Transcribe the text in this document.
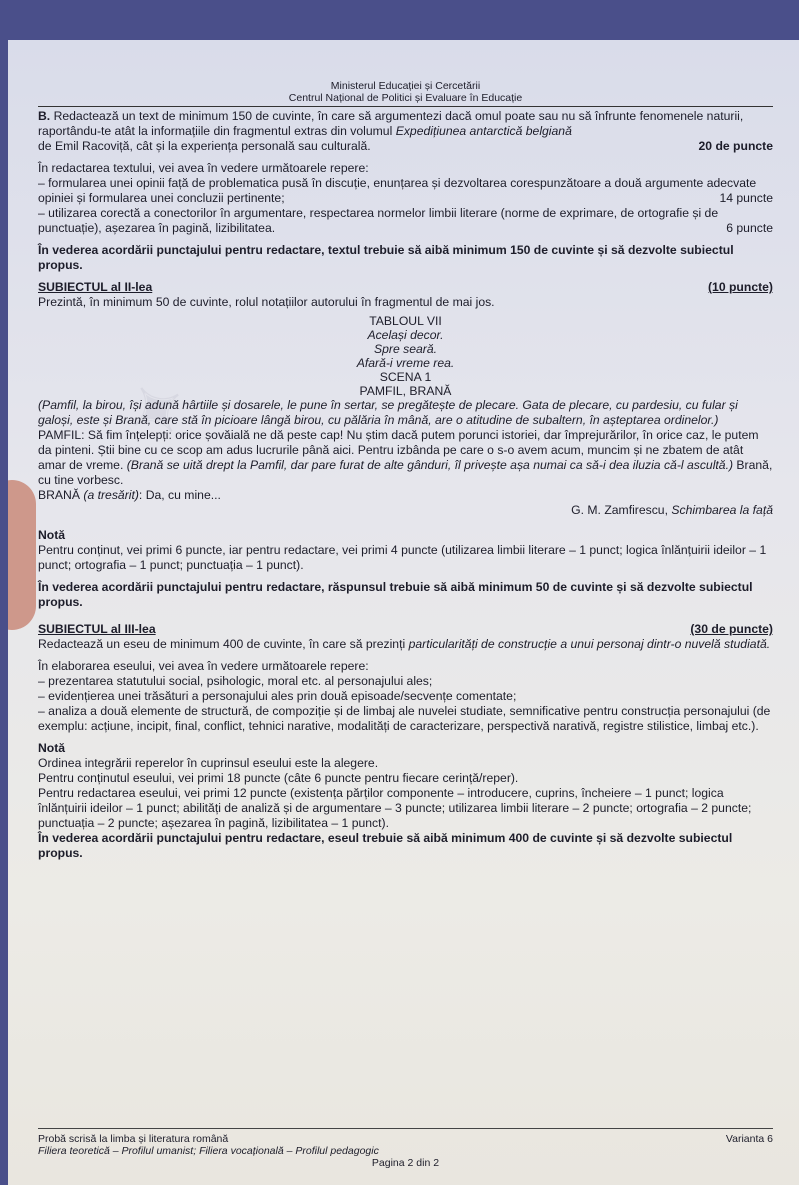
✦
Ministerul Educației și Cercetării
Centrul Național de Politici și Evaluare în Educație

B. Redactează un text de minimum 150 de cuvinte, în care să argumentezi dacă omul poate sau nu să înfrunte fenomenele naturii, raportându-te atât la informațiile din fragmentul extras din volumul Expedițiunea antarctică belgiană

de Emil Racoviță, cât și la experiența personală sau culturală.	20 de puncte

În redactarea textului, vei avea în vedere următoarele repere:

– formularea unei opinii față de problematica pusă în discuție, enunțarea și dezvoltarea corespunzătoare a două argumente adecvate opiniei și formularea unei concluzii pertinente;	14 puncte

– utilizarea corectă a conectorilor în argumentare, respectarea normelor limbii literare (norme de exprimare, de ortografie și de punctuație), așezarea în pagină, lizibilitatea.	6 puncte

În vederea acordării punctajului pentru redactare, textul trebuie să aibă minimum 150 de cuvinte și să dezvolte subiectul propus.

SUBIECTUL al II-lea	(10 puncte)

Prezintă, în minimum 50 de cuvinte, rolul notațiilor autorului în fragmentul de mai jos.

TABLOUL VII
Același decor.
Spre seară.
Afară-i vreme rea.
SCENA 1
PAMFIL, BRANĂ

(Pamfil, la birou, își adună hârtiile și dosarele, le pune în sertar, se pregătește de plecare. Gata de plecare, cu pardesiu, cu fular și galoși, este și Brană, care stă în picioare lângă birou, cu pălăria în mână, are o atitudine de subaltern, în așteptarea ordinelor.)

PAMFIL: Să fim înțelepți: orice șovăială ne dă peste cap! Nu știm dacă putem porunci istoriei, dar împrejurărilor, în orice caz, le putem da pinteni. Știi bine cu ce scop am adus lucrurile până aici. Pentru izbânda pe care o s-o avem acum, muncim și ne zbatem de atât amar de vreme. (Brană se uită drept la Pamfil, dar pare furat de alte gânduri, îl privește așa numai ca să-i dea iluzia că-l ascultă.) Brană, cu tine vorbesc.

BRANĂ (a tresărit): Da, cu mine...

G. M. Zamfirescu, Schimbarea la față

Notă

Pentru conținut, vei primi 6 puncte, iar pentru redactare, vei primi 4 puncte (utilizarea limbii literare – 1 punct; logica înlănțuirii ideilor – 1 punct; ortografia – 1 punct; punctuația – 1 punct).

În vederea acordării punctajului pentru redactare, răspunsul trebuie să aibă minimum 50 de cuvinte și să dezvolte subiectul propus.

SUBIECTUL al III-lea	(30 de puncte)

Redactează un eseu de minimum 400 de cuvinte, în care să prezinți particularități de construcție a unui personaj dintr-o nuvelă studiată.

În elaborarea eseului, vei avea în vedere următoarele repere:

– prezentarea statutului social, psihologic, moral etc. al personajului ales;

– evidențierea unei trăsături a personajului ales prin două episoade/secvențe comentate;

– analiza a două elemente de structură, de compoziție și de limbaj ale nuvelei studiate, semnificative pentru construcția personajului (de exemplu: acțiune, incipit, final, conflict, tehnici narative, modalități de caracterizare, perspectivă narativă, registre stilistice, limbaj etc.).

Notă

Ordinea integrării reperelor în cuprinsul eseului este la alegere.

Pentru conținutul eseului, vei primi 18 puncte (câte 6 puncte pentru fiecare cerință/reper).

Pentru redactarea eseului, vei primi 12 puncte (existența părților componente – introducere, cuprins, încheiere – 1 punct; logica înlănțuirii ideilor – 1 punct; abilități de analiză și de argumentare – 3 puncte; utilizarea limbii literare – 2 puncte; ortografia – 2 puncte; punctuația – 2 puncte; așezarea în pagină, lizibilitatea – 1 punct).

În vederea acordării punctajului pentru redactare, eseul trebuie să aibă minimum 400 de cuvinte și să dezvolte subiectul propus.

Probă scrisă la limba și literatura română	Varianta 6
Filiera teoretică – Profilul umanist; Filiera vocațională – Profilul pedagogic
Pagina 2 din 2
